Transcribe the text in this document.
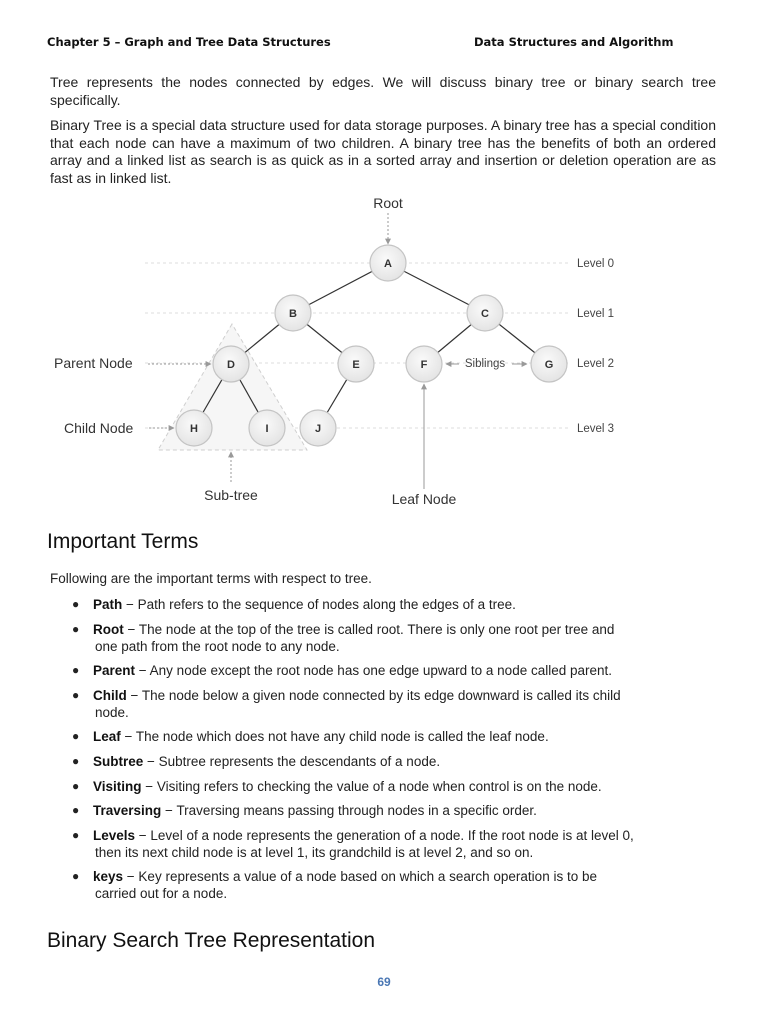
Chapter 5 – Graph and Tree Data Structures	Data Structures and Algorithm

Tree represents the nodes connected by edges. We will discuss binary tree or binary search tree specifically.

Binary Tree is a special data structure used for data storage purposes. A binary tree has a special condition that each node can have a maximum of two children. A binary tree has the benefits of both an ordered array and a linked list as search is as quick as in a sorted array and insertion or deletion operation are as fast as in linked list.

A
B	C
D	E	F	G
H	I	J
Root
Parent Node
Child Node
Siblings
Sub-tree	Leaf Node
Level 0
Level 1
Level 2
Level 3
Important Terms

Following are the important terms with respect to tree.

● Path − Path refers to the sequence of nodes along the edges of a tree.
● Root − The node at the top of the tree is called root. There is only one root per tree and
one path from the root node to any node.
● Parent − Any node except the root node has one edge upward to a node called parent.
● Child − The node below a given node connected by its edge downward is called its child
node.
● Leaf − The node which does not have any child node is called the leaf node.
● Subtree − Subtree represents the descendants of a node.
● Visiting − Visiting refers to checking the value of a node when control is on the node.
● Traversing − Traversing means passing through nodes in a specific order.
● Levels − Level of a node represents the generation of a node. If the root node is at level 0,
then its next child node is at level 1, its grandchild is at level 2, and so on.
● keys − Key represents a value of a node based on which a search operation is to be
carried out for a node.
Binary Search Tree Representation
69
